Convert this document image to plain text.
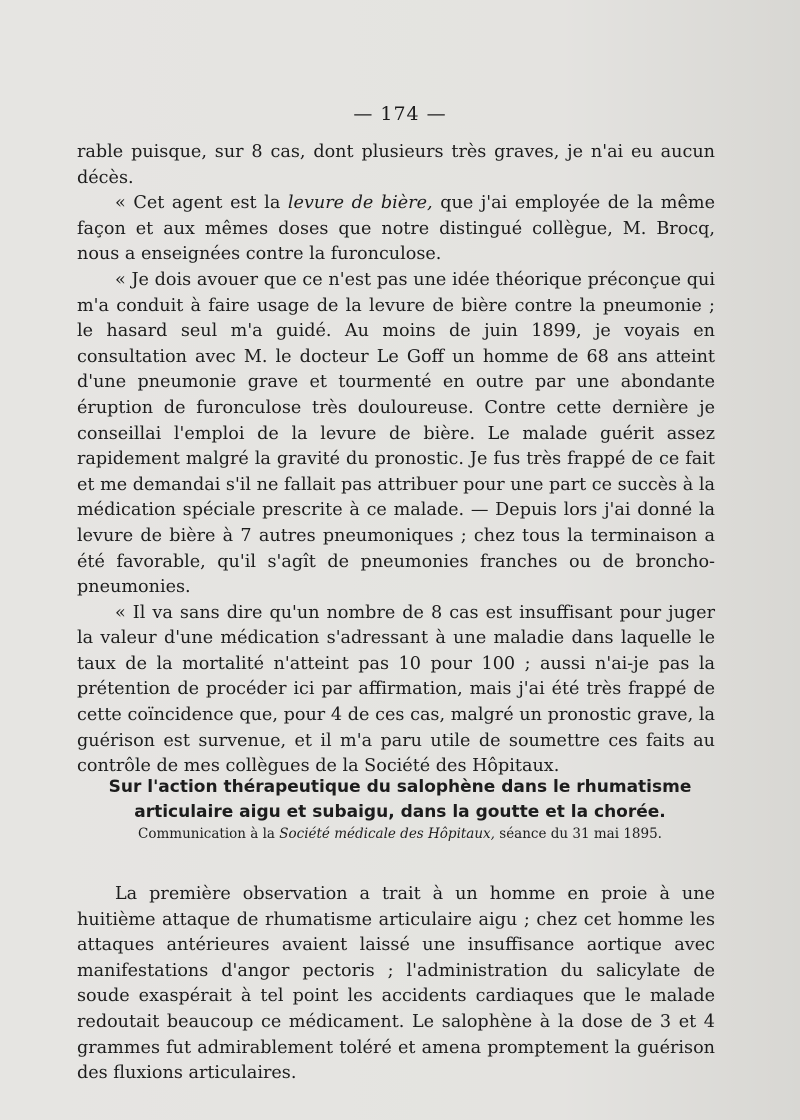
— 174 —

rable puisque, sur 8 cas, dont plusieurs très graves, je n'ai eu aucun décès.

« Cet agent est la levure de bière, que j'ai employée de la même façon et aux mêmes doses que notre distingué collègue, M. Brocq, nous a enseignées contre la furonculose.

« Je dois avouer que ce n'est pas une idée théorique préconçue qui m'a conduit à faire usage de la levure de bière contre la pneumonie ; le hasard seul m'a guidé. Au moins de juin 1899, je voyais en consultation avec M. le docteur Le Goff un homme de 68 ans atteint d'une pneumonie grave et tourmenté en outre par une abondante éruption de furonculose très douloureuse. Contre cette dernière je conseillai l'emploi de la levure de bière. Le malade guérit assez rapidement malgré la gravité du pronostic. Je fus très frappé de ce fait et me demandai s'il ne fallait pas attribuer pour une part ce succès à la médication spéciale prescrite à ce malade. — Depuis lors j'ai donné la levure de bière à 7 autres pneumoniques ; chez tous la terminaison a été favorable, qu'il s'agît de pneumonies franches ou de broncho-pneumonies.

« Il va sans dire qu'un nombre de 8 cas est insuffisant pour juger la valeur d'une médication s'adressant à une maladie dans laquelle le taux de la mortalité n'atteint pas 10 pour 100 ; aussi n'ai-je pas la prétention de procéder ici par affirmation, mais j'ai été très frappé de cette coïncidence que, pour 4 de ces cas, malgré un pronostic grave, la guérison est survenue, et il m'a paru utile de soumettre ces faits au contrôle de mes collègues de la Société des Hôpitaux.

Sur l'action thérapeutique du salophène dans le rhumatisme
articulaire aigu et subaigu, dans la goutte et la chorée.
Communication à la Société médicale des Hôpitaux, séance du 31 mai 1895.

La première observation a trait à un homme en proie à une huitième attaque de rhumatisme articulaire aigu ; chez cet homme les attaques antérieures avaient laissé une insuffisance aortique avec manifestations d'angor pectoris ; l'administration du salicylate de soude exaspérait à tel point les accidents cardiaques que le malade redoutait beaucoup ce médicament. Le salophène à la dose de 3 et 4 grammes fut admirablement toléré et amena promptement la guérison des fluxions articulaires.
